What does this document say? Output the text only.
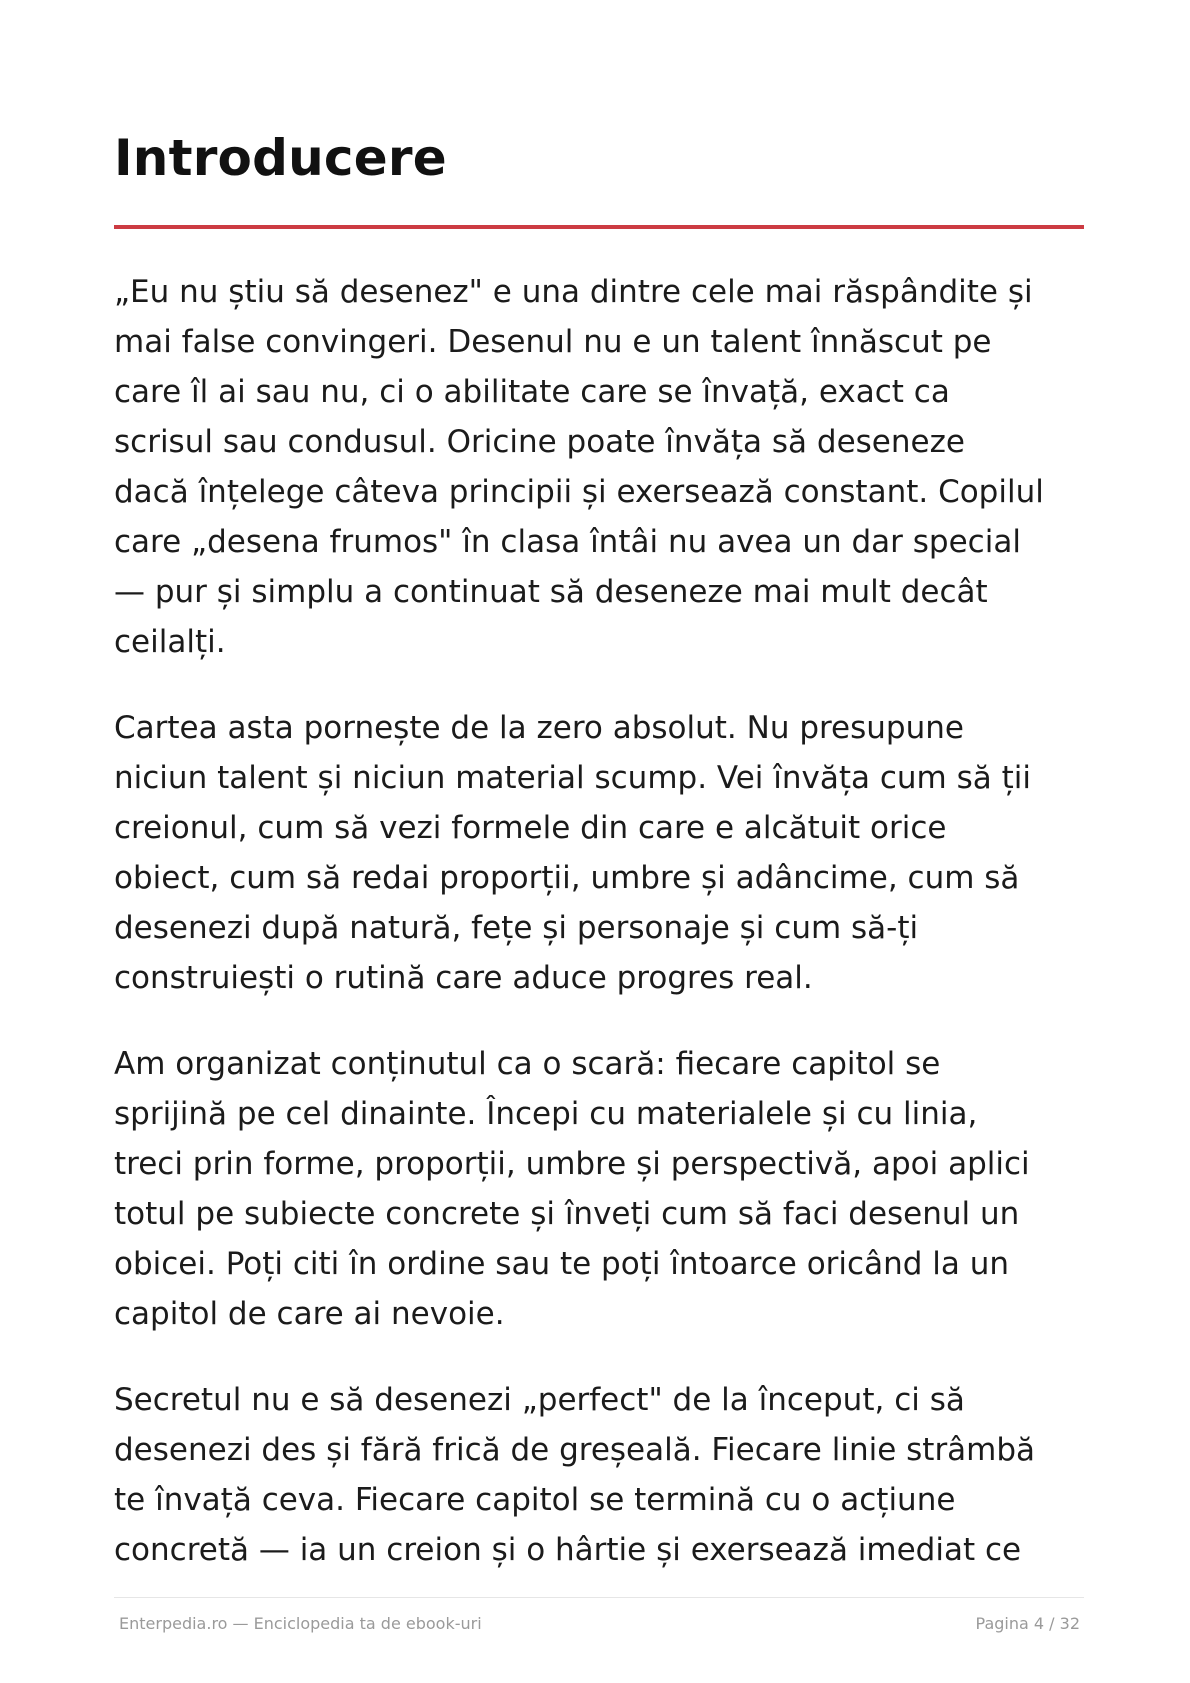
Introducere

„Eu nu știu să desenez" e una dintre cele mai răspândite și
mai false convingeri. Desenul nu e un talent înnăscut pe
care îl ai sau nu, ci o abilitate care se învață, exact ca
scrisul sau condusul. Oricine poate învăța să deseneze
dacă înțelege câteva principii și exersează constant. Copilul
care „desena frumos" în clasa întâi nu avea un dar special
— pur și simplu a continuat să deseneze mai mult decât
ceilalți.

Cartea asta pornește de la zero absolut. Nu presupune
niciun talent și niciun material scump. Vei învăța cum să ții
creionul, cum să vezi formele din care e alcătuit orice
obiect, cum să redai proporții, umbre și adâncime, cum să
desenezi după natură, fețe și personaje și cum să-ți
construiești o rutină care aduce progres real.

Am organizat conținutul ca o scară: fiecare capitol se
sprijină pe cel dinainte. Începi cu materialele și cu linia,
treci prin forme, proporții, umbre și perspectivă, apoi aplici
totul pe subiecte concrete și înveți cum să faci desenul un
obicei. Poți citi în ordine sau te poți întoarce oricând la un
capitol de care ai nevoie.

Secretul nu e să desenezi „perfect" de la început, ci să
desenezi des și fără frică de greșeală. Fiecare linie strâmbă
te învață ceva. Fiecare capitol se termină cu o acțiune
concretă — ia un creion și o hârtie și exersează imediat ce

Enterpedia.ro — Enciclopedia ta de ebook-uri	Pagina 4 / 32
